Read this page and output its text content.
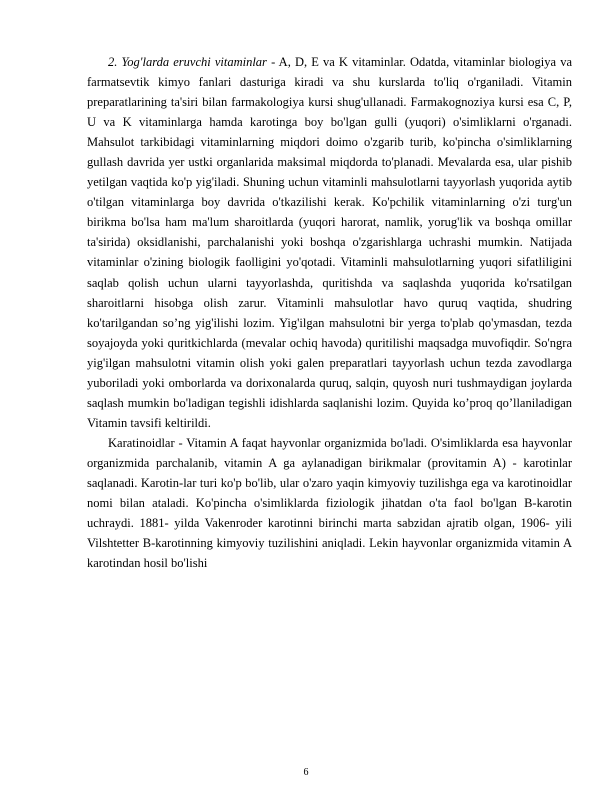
2. Yog'larda eruvchi vitaminlar - A, D, E va K vitaminlar. Odatda, vitaminlar biologiya va farmatsevtik kimyo fanlari dasturiga kiradi va shu kurslarda to'liq o'rganiladi. Vitamin preparatlarining ta'siri bilan farmakologiya kursi shug'ullanadi. Farmakognoziya kursi esa C, P, U va K vitaminlarga hamda karotinga boy bo'lgan gulli (yuqori) o'simliklarni o'rganadi. Mahsulot tarkibidagi vitaminlarning miqdori doimo o'zgarib turib, ko'pincha o'simliklarning gullash davrida yer ustki organlarida maksimal miqdorda to'planadi. Mevalarda esa, ular pishib yetilgan vaqtida ko'p yig'iladi. Shuning uchun vitaminli mahsulotlarni tayyorlash yuqorida aytib o'tilgan vitaminlarga boy davrida o'tkazilishi kerak. Ko'pchilik vitaminlarning o'zi turg'un birikma bo'lsa ham ma'lum sharoitlarda (yuqori harorat, namlik, yorug'lik va boshqa omillar ta'sirida) oksidlanishi, parchalanishi yoki boshqa o'zgarishlarga uchrashi mumkin. Natijada vitaminlar o'zining biologik faolligini yo'qotadi. Vitaminli mahsulotlarning yuqori sifatliligini saqlab qolish uchun ularni tayyorlashda, quritishda va saqlashda yuqorida ko'rsatilgan sharoitlarni hisobga olish zarur. Vitaminli mahsulotlar havo quruq vaqtida, shudring ko'tarilgandan so’ng yig'ilishi lozim. Yig'ilgan mahsulotni bir yerga to'plab qo'ymasdan, tezda soyajoyda yoki quritkichlarda (mevalar ochiq havoda) quritilishi maqsadga muvofiqdir. So'ngra yig'ilgan mahsulotni vitamin olish yoki galen preparatlari tayyorlash uchun tezda zavodlarga yuboriladi yoki omborlarda va dorixonalarda quruq, salqin, quyosh nuri tushmaydigan joylarda saqlash mumkin bo'ladigan tegishli idishlarda saqlanishi lozim. Quyida ko’proq qo’llaniladigan Vitamin tavsifi keltirildi.

Karatinoidlar - Vitamin A faqat hayvonlar organizmida bo'ladi. O'simliklarda esa hayvonlar organizmida parchalanib, vitamin A ga aylanadigan birikmalar (provitamin A) - karotinlar saqlanadi. Karotin-lar turi ko'p bo'lib, ular o'zaro yaqin kimyoviy tuzilishga ega va karotinoidlar nomi bilan ataladi. Ko'pincha o'simliklarda fiziologik jihatdan o'ta faol bo'lgan B-karotin uchraydi. 1881- yilda Vakenroder karotinni birinchi marta sabzidan ajratib olgan, 1906- yili Vilshtetter B-karotinning kimyoviy tuzilishini aniqladi. Lekin hayvonlar organizmida vitamin A karotindan hosil bo'lishi

6
